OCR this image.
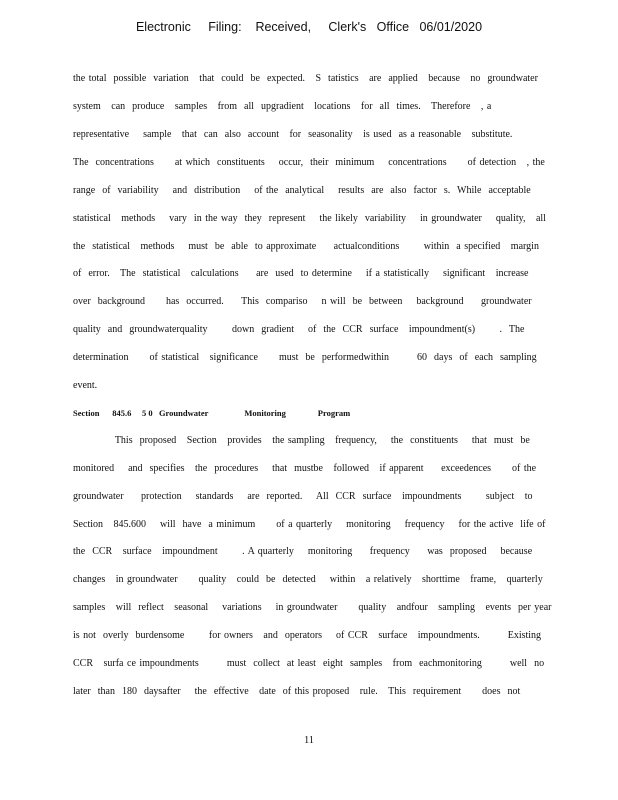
Electronic     Filing:    Received,     Clerk's   Office   06/01/2020
the total  possible  variation   that  could  be  expected.   S  tatistics   are  applied   because   no  groundwater
system   can  produce   samples   from  all  upgradient   locations   for  all  times.   Therefore   , a
representative    sample   that  can  also  account   for  seasonality   is used  as a reasonable   substitute.
The  concentrations      at which  constituents    occur,  their  minimum    concentrations      of detection   , the
range  of  variability    and  distribution    of the  analytical    results  are  also  factor  s.  While  acceptable
statistical   methods    vary  in the way  they  represent    the likely  variability    in groundwater    quality,   all
the  statistical   methods    must  be  able  to approximate     actualconditions       within  a specified   margin
of  error.   The  statistical   calculations     are  used  to determine    if a statistically    significant   increase
over  background      has  occurred.     This  compariso    n will  be  between    background     groundwater
quality  and  groundwaterquality       down  gradient    of  the  CCR  surface   impoundment(s)       .  The
determination      of statistical   significance      must  be  performedwithin        60  days  of  each  sampling
event.
Section      845.6     5 0   Groundwater                 Monitoring               Program
This  proposed   Section   provides   the sampling   frequency,    the  constituents    that  must  be
monitored    and  specifies   the  procedures    that  mustbe   followed   if apparent     exceedences      of the
groundwater     protection    standards    are  reported.    All  CCR  surface   impoundments       subject   to
Section   845.600    will  have  a minimum      of a quarterly    monitoring    frequency    for the active  life of
the  CCR   surface   impoundment       . A quarterly    monitoring     frequency     was  proposed    because
changes   in groundwater      quality   could  be  detected    within   a relatively   shorttime   frame,   quarterly
samples   will  reflect   seasonal    variations    in groundwater      quality   andfour   sampling   events  per year
is not  overly  burdensome       for owners   and  operators    of CCR   surface   impoundments.        Existing
CCR   surfa ce impoundments        must  collect  at least  eight  samples   from  eachmonitoring        well  no
later  than  180  daysafter    the  effective   date  of this proposed   rule.   This  requirement      does  not
11
